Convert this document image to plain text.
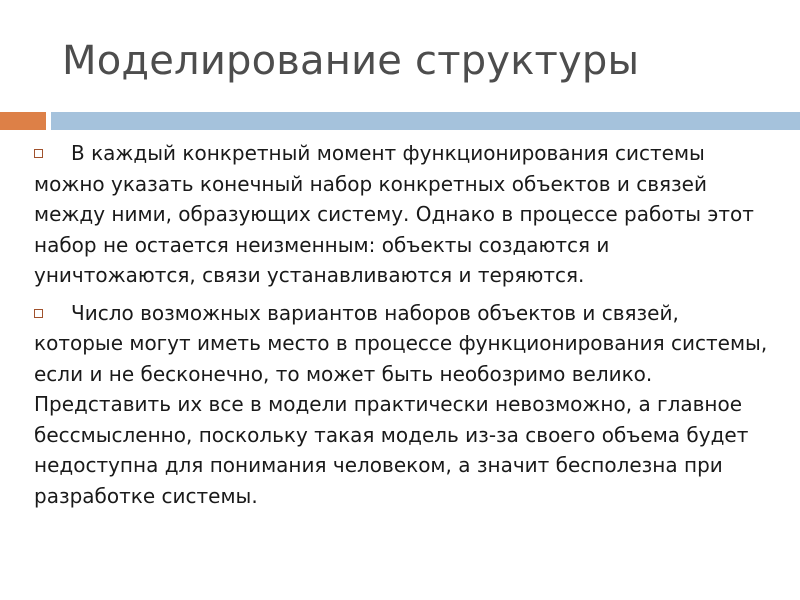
Моделирование структуры

В каждый конкретный момент функционирования системы можно указать конечный набор конкретных объектов и связей между ними, образующих систему. Однако в процессе работы этот набор не остается неизменным: объекты создаются и уничтожаются, связи устанавливаются и теряются.

Число возможных вариантов наборов объектов и связей, которые могут иметь место в процессе функционирования системы, если и не бесконечно, то может быть необозримо велико. Представить их все в модели практически невозможно, а главное бессмысленно, поскольку такая модель из-за своего объема будет недоступна для понимания человеком, а значит бесполезна при разработке системы.
